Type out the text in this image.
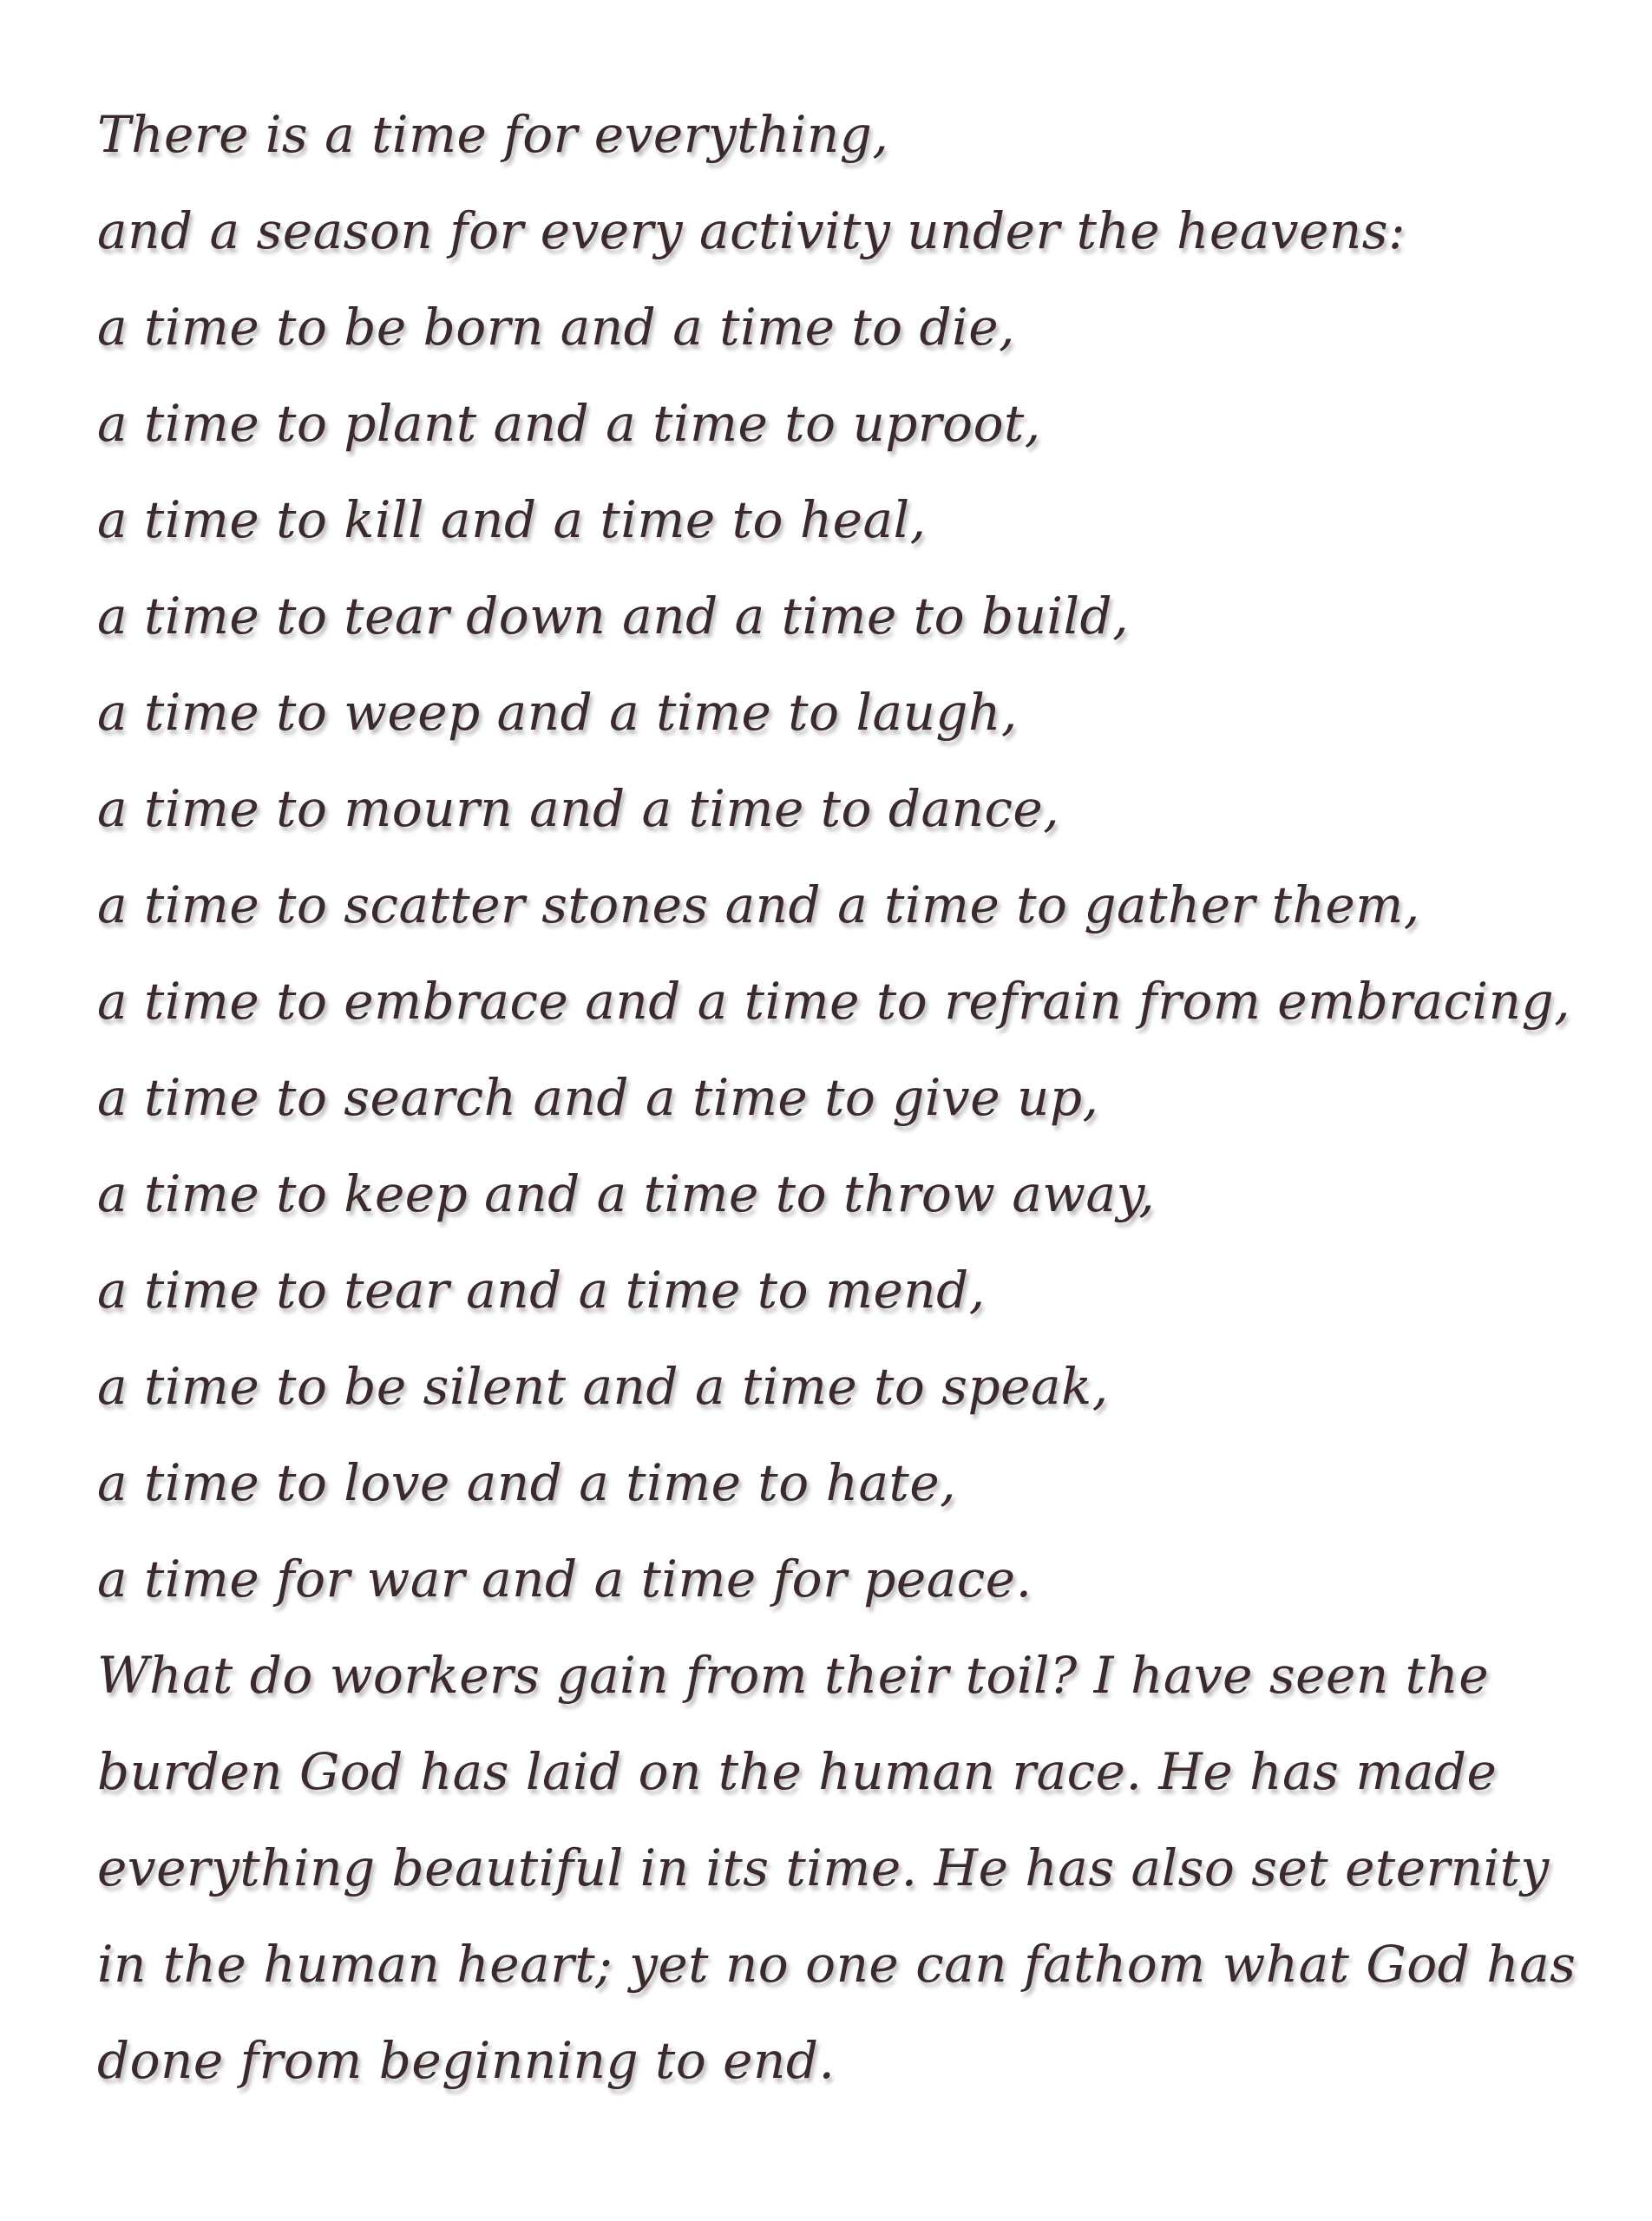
There is a time for everything,
and a season for every activity under the heavens:
a time to be born and a time to die,
a time to plant and a time to uproot,
a time to kill and a time to heal,
a time to tear down and a time to build,
a time to weep and a time to laugh,
a time to mourn and a time to dance,
a time to scatter stones and a time to gather them,
a time to embrace and a time to refrain from embracing,
a time to search and a time to give up,
a time to keep and a time to throw away,
a time to tear and a time to mend,
a time to be silent and a time to speak,
a time to love and a time to hate,
a time for war and a time for peace.
What do workers gain from their toil? I have seen the
burden God has laid on the human race. He has made
everything beautiful in its time. He has also set eternity
in the human heart; yet no one can fathom what God has
done from beginning to end.
